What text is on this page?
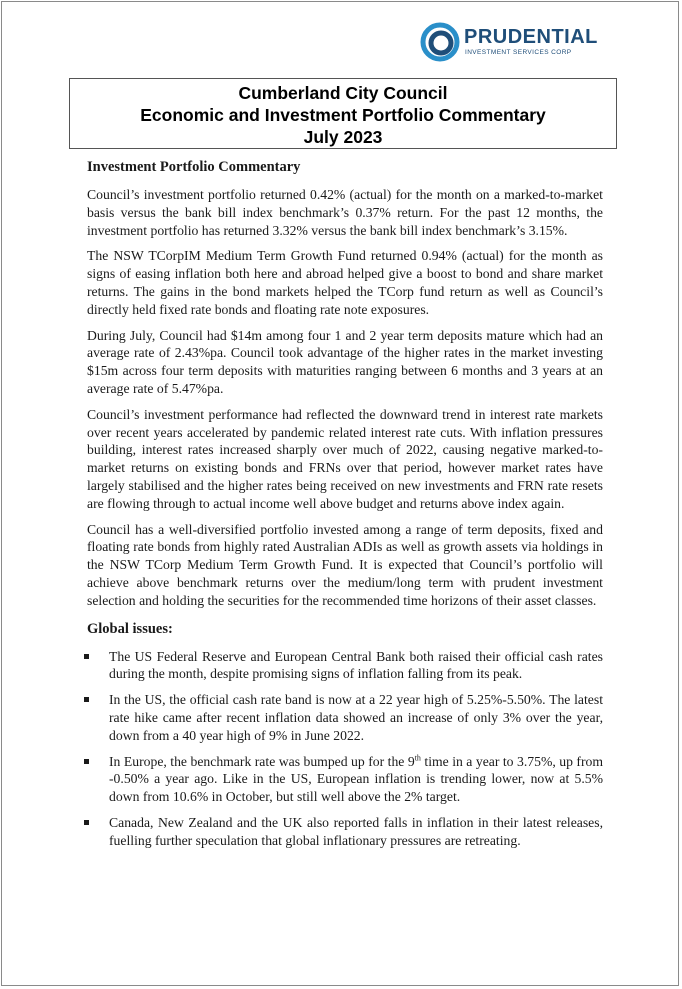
PRUDENTIAL
INVESTMENT SERVICES CORP
Cumberland City Council
Economic and Investment Portfolio Commentary
July 2023
Investment Portfolio Commentary

Council’s investment portfolio returned 0.42% (actual) for the month on a marked-to-market basis versus the bank bill index benchmark’s 0.37% return. For the past 12 months, the investment portfolio has returned 3.32% versus the bank bill index benchmark’s 3.15%.

The NSW TCorpIM Medium Term Growth Fund returned 0.94% (actual) for the month as signs of easing inflation both here and abroad helped give a boost to bond and share market returns. The gains in the bond markets helped the TCorp fund return as well as Council’s directly held fixed rate bonds and floating rate note exposures.

During July, Council had $14m among four 1 and 2 year term deposits mature which had an average rate of 2.43%pa. Council took advantage of the higher rates in the market investing $15m across four term deposits with maturities ranging between 6 months and 3 years at an average rate of 5.47%pa.

Council’s investment performance had reflected the downward trend in interest rate markets over recent years accelerated by pandemic related interest rate cuts. With inflation pressures building, interest rates increased sharply over much of 2022, causing negative marked-to-market returns on existing bonds and FRNs over that period, however market rates have largely stabilised and the higher rates being received on new investments and FRN rate resets are flowing through to actual income well above budget and returns above index again.

Council has a well-diversified portfolio invested among a range of term deposits, fixed and floating rate bonds from highly rated Australian ADIs as well as growth assets via holdings in the NSW TCorp Medium Term Growth Fund. It is expected that Council’s portfolio will achieve above benchmark returns over the medium/long term with prudent investment selection and holding the securities for the recommended time horizons of their asset classes.

Global issues:
The US Federal Reserve and European Central Bank both raised their official cash rates during the month, despite promising signs of inflation falling from its peak.
In the US, the official cash rate band is now at a 22 year high of 5.25%-5.50%. The latest rate hike came after recent inflation data showed an increase of only 3% over the year, down from a 40 year high of 9% in June 2022.
In Europe, the benchmark rate was bumped up for the 9th time in a year to 3.75%, up from -0.50% a year ago. Like in the US, European inflation is trending lower, now at 5.5% down from 10.6% in October, but still well above the 2% target.
Canada, New Zealand and the UK also reported falls in inflation in their latest releases, fuelling further speculation that global inflationary pressures are retreating.
